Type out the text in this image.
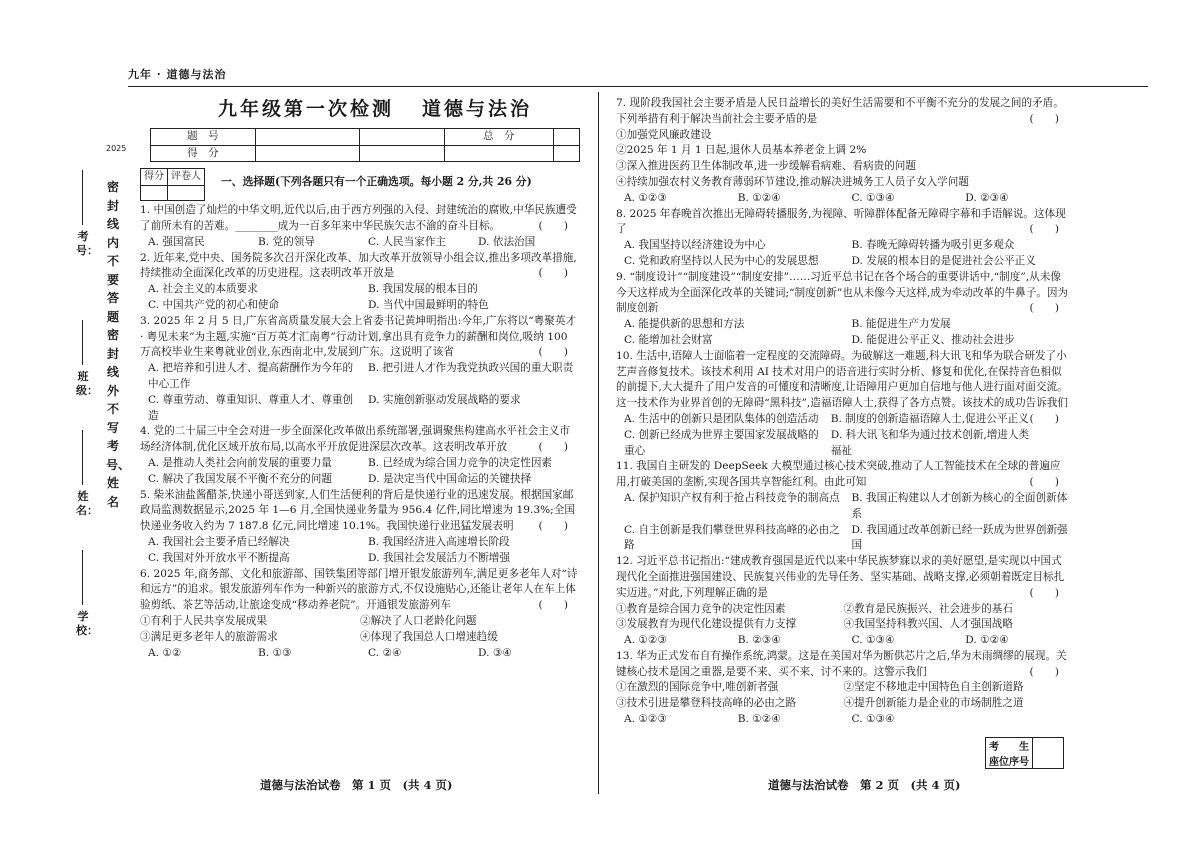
九年 · 道德与法治
2025
考号：
班级：
姓名：
学校：
密封线内不要答题密封线外不写考号、姓名
九年级第一次检测 道德与法治
题　号			总　分	
得　分				
得分	评卷人
	一、选择题(下列各题只有一个正确选项。每小题 2 分,共 26 分)
1. 中国创造了灿烂的中华文明,近代以后,由于西方列强的入侵、封建统治的腐败,中华民族遭受了前所未有的苦难。________成为一百多年来中华民族矢志不渝的奋斗目标。	(　　)
A. 强国富民	B. 党的领导	C. 人民当家作主	D. 依法治国
2. 近年来,党中央、国务院多次召开深化改革、加大改革开放领导小组会议,推出多项改革措施,持续推动全面深化改革的历史进程。这表明改革开放是	(　　)
A. 社会主义的本质要求	B. 我国发展的根本目的
C. 中国共产党的初心和使命	D. 当代中国最鲜明的特色
3. 2025 年 2 月 5 日,广东省高质量发展大会上省委书记黄坤明指出:今年,广东将以“粤聚英才 · 粤见未来”为主题,实施“百万英才汇南粤”行动计划,拿出具有竞争力的薪酬和岗位,吸纳 100 万高校毕业生来粤就业创业,东西南北中,发展到广东。这说明了该省	(　　)
A. 把培养和引进人才、提高薪酬作为今年的中心工作
B. 把引进人才作为我党执政兴国的重大职责
C. 尊重劳动、尊重知识、尊重人才、尊重创造
D. 实施创新驱动发展战略的要求
4. 党的二十届三中全会对进一步全面深化改革做出系统部署,强调聚焦构建高水平社会主义市场经济体制,优化区域开放布局,以高水平开放促进深层次改革。这表明改革开放	(　　)
A. 是推动人类社会向前发展的重要力量	B. 已经成为综合国力竞争的决定性因素
C. 解决了我国发展不平衡不充分的问题	D. 是决定当代中国命运的关键抉择
5. 柴米油盐酱醋茶,快递小哥送到家,人们生活便利的背后是快递行业的迅速发展。根据国家邮政局监测数据显示,2025 年 1—6 月,全国快递业务量为 956.4 亿件,同比增速为 19.3%;全国快递业务收入约为 7 187.8 亿元,同比增速 10.1%。我国快递行业迅猛发展表明 (　　)
A. 我国社会主要矛盾已经解决	B. 我国经济进入高速增长阶段
C. 我国对外开放水平不断提高	D. 我国社会发展活力不断增强
6. 2025 年,商务部、文化和旅游部、国铁集团等部门增开银发旅游列车,满足更多老年人对“诗和远方”的追求。银发旅游列车作为一种新兴的旅游方式,不仅设施贴心,还能让老年人在车上体验剪纸、茶艺等活动,让旅途变成“移动养老院”。开通银发旅游列车	(　　)
①有利于人民共享发展成果	②解决了人口老龄化问题
③满足更多老年人的旅游需求	④体现了我国总人口增速趋缓
A. ①②	B. ①③	C. ②④	D. ③④
7. 现阶段我国社会主要矛盾是人民日益增长的美好生活需要和不平衡不充分的发展之间的矛盾。下列举措有利于解决当前社会主要矛盾的是	(　　)
①加强党风廉政建设
②2025 年 1 月 1 日起,退休人员基本养老金上调 2%
③深入推进医药卫生体制改革,进一步缓解看病难、看病贵的问题
④持续加强农村义务教育薄弱环节建设,推动解决进城务工人员子女入学问题
A. ①②③	B. ①②④	C. ①③④	D. ②③④
8. 2025 年春晚首次推出无障碍转播服务,为视障、听障群体配备无障碍字幕和手语解说。这体现了	(　　)
A. 我国坚持以经济建设为中心	B. 春晚无障碍转播为吸引更多观众
C. 党和政府坚持以人民为中心的发展思想	D. 发展的根本目的是促进社会公平正义
9. “制度设计”“制度建设”“制度安排”……习近平总书记在各个场合的重要讲话中,“制度”,从未像今天这样成为全面深化改革的关键词;“制度创新”也从未像今天这样,成为牵动改革的牛鼻子。因为制度创新	(　　)
A. 能提供新的思想和方法	B. 能促进生产力发展
C. 能增加社会财富	D. 能促进公平正义、推动社会进步
10. 生活中,语障人士面临着一定程度的交流障碍。为破解这一难题,科大讯飞和华为联合研发了小艺声音修复技术。该技术利用 AI 技术对用户的语音进行实时分析、修复和优化,在保持音色相似的前提下,大大提升了用户发音的可懂度和清晰度,让语障用户更加自信地与他人进行面对面交流。这一技术作为业界首创的无障碍“黑科技”,造福语障人士,获得了各方点赞。该技术的成功告诉我们
(　　)
A. 生活中的创新只是团队集体的创造活动	B. 制度的创新造福语障人士,促进公平正义
C. 创新已经成为世界主要国家发展战略的重心
D. 科大讯飞和华为通过技术创新,增进人类福祉
11. 我国自主研发的 DeepSeek 大模型通过核心技术突破,推动了人工智能技术在全球的普遍应用,打破美国的垄断,实现各国共享智能红利。由此可知	(　　)
A. 保护知识产权有利于抢占科技竞争的制高点	B. 我国正构建以人才创新为核心的全面创新体系
C. 自主创新是我们攀登世界科技高峰的必由之路
D. 我国通过改革创新已经一跃成为世界创新强国
12. 习近平总书记指出:“建成教育强国是近代以来中华民族梦寐以求的美好愿望,是实现以中国式现代化全面推进强国建设、民族复兴伟业的先导任务、坚实基础、战略支撑,必须朝着既定目标扎实迈进。”对此,下列理解正确的是	(　　)
①教育是综合国力竞争的决定性因素	②教育是民族振兴、社会进步的基石
③发展教育为现代化建设提供有力支撑	④我国坚持科教兴国、人才强国战略
A. ①②③	B. ②③④	C. ①③④	D. ①②④
13. 华为正式发布自有操作系统,鸿蒙。这是在美国对华为断供芯片之后,华为未雨绸缪的展现。关键核心技术是国之重器,是要不来、买不来、讨不来的。这警示我们	(　　)
①在激烈的国际竞争中,唯创新者强	②坚定不移地走中国特色自主创新道路
③技术引进是攀登科技高峰的必由之路	④提升创新能力是企业的市场制胜之道
A. ①②③	B. ①②④	C. ①③④
考　　生
座位序号

道德与法治试卷　第 1 页　(共 4 页)	道德与法治试卷　第 2 页　(共 4 页)
